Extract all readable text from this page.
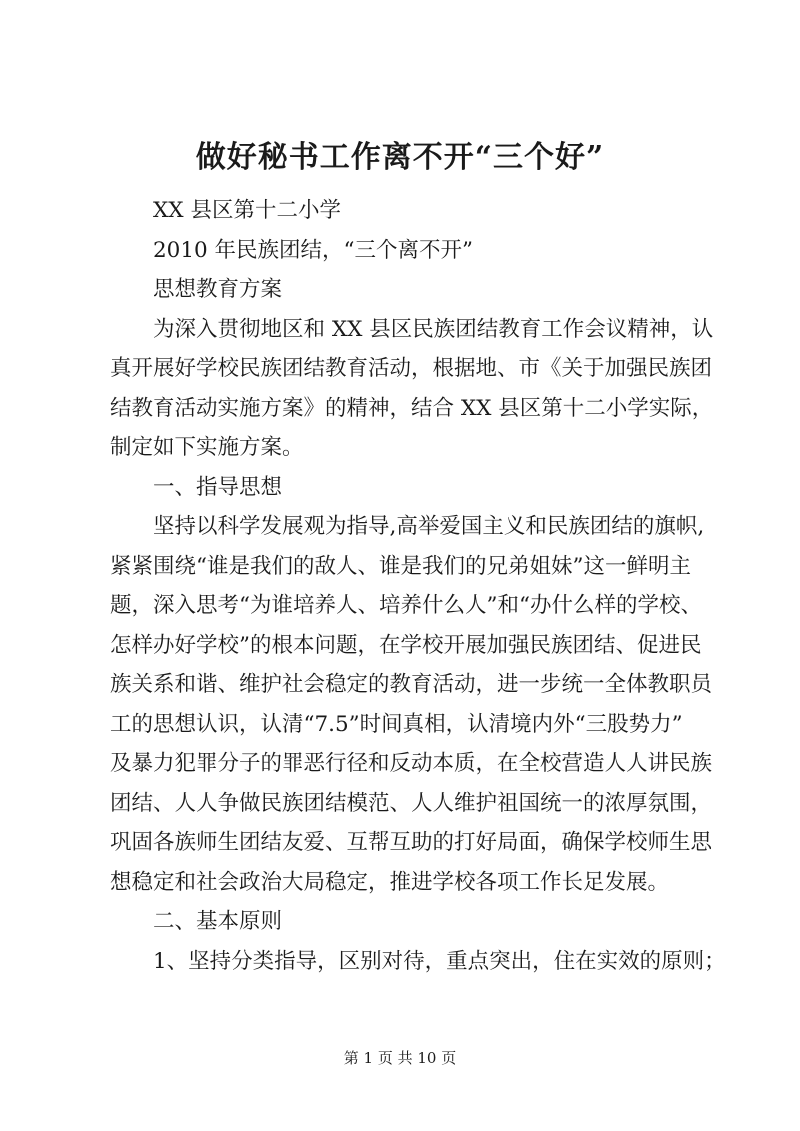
做好秘书工作离不开“三个好”
　　XX 县区第十二小学
　　2010 年民族团结，“三个离不开”
　　思想教育方案
　　为深入贯彻地区和 XX 县区民族团结教育工作会议精神，认
真开展好学校民族团结教育活动，根据地、市《关于加强民族团
结教育活动实施方案》的精神，结合 XX 县区第十二小学实际，
制定如下实施方案。
　　一、指导思想
　　坚持以科学发展观为指导,高举爱国主义和民族团结的旗帜,
紧紧围绕“谁是我们的敌人、谁是我们的兄弟姐妹”这一鲜明主
题，深入思考“为谁培养人、培养什么人”和“办什么样的学校、
怎样办好学校”的根本问题，在学校开展加强民族团结、促进民
族关系和谐、维护社会稳定的教育活动，进一步统一全体教职员
工的思想认识，认清“7.5”时间真相，认清境内外“三股势力”
及暴力犯罪分子的罪恶行径和反动本质，在全校营造人人讲民族
团结、人人争做民族团结模范、人人维护祖国统一的浓厚氛围，
巩固各族师生团结友爱、互帮互助的打好局面，确保学校师生思
想稳定和社会政治大局稳定，推进学校各项工作长足发展。
　　二、基本原则
　　1、坚持分类指导，区别对待，重点突出，住在实效的原则；
第 1 页 共 10 页
